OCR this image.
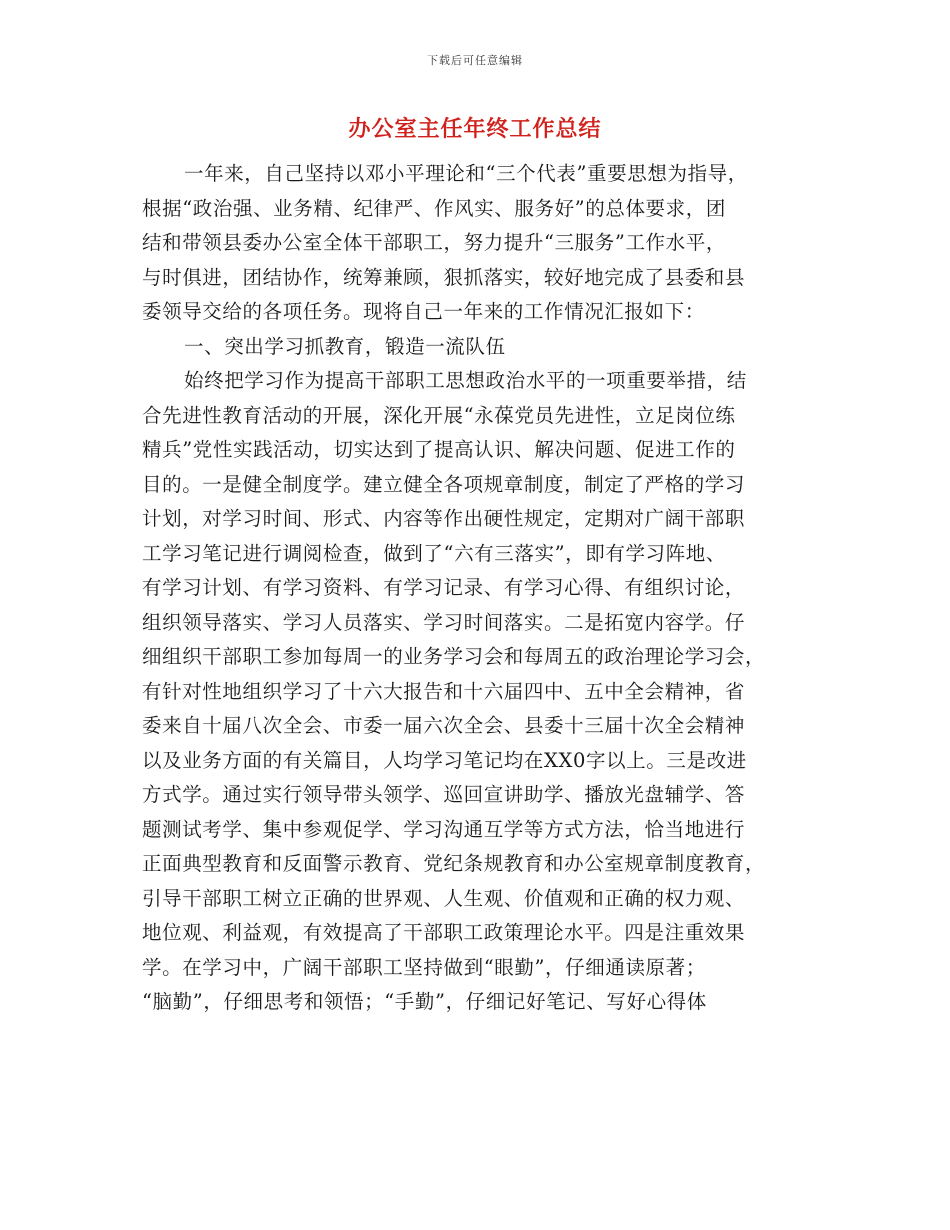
下载后可任意编辑
办公室主任年终工作总结
一年来，自己坚持以邓小平理论和“三个代表”重要思想为指导，
根据“政治强、业务精、纪律严、作风实、服务好”的总体要求，团
结和带领县委办公室全体干部职工，努力提升“三服务”工作水平，
与时俱进，团结协作，统筹兼顾，狠抓落实，较好地完成了县委和县
委领导交给的各项任务。现将自己一年来的工作情况汇报如下：
一、突出学习抓教育，锻造一流队伍
始终把学习作为提高干部职工思想政治水平的一项重要举措，结
合先进性教育活动的开展，深化开展“永葆党员先进性，立足岗位练
精兵”党性实践活动，切实达到了提高认识、解决问题、促进工作的
目的。一是健全制度学。建立健全各项规章制度，制定了严格的学习
计划，对学习时间、形式、内容等作出硬性规定，定期对广阔干部职
工学习笔记进行调阅检查，做到了“六有三落实”，即有学习阵地、
有学习计划、有学习资料、有学习记录、有学习心得、有组织讨论，
组织领导落实、学习人员落实、学习时间落实。二是拓宽内容学。仔
细组织干部职工参加每周一的业务学习会和每周五的政治理论学习会，
有针对性地组织学习了十六大报告和十六届四中、五中全会精神，省
委来自十届八次全会、市委一届六次全会、县委十三届十次全会精神
以及业务方面的有关篇目，人均学习笔记均在XX0字以上。三是改进
方式学。通过实行领导带头领学、巡回宣讲助学、播放光盘辅学、答
题测试考学、集中参观促学、学习沟通互学等方式方法，恰当地进行
正面典型教育和反面警示教育、党纪条规教育和办公室规章制度教育，
引导干部职工树立正确的世界观、人生观、价值观和正确的权力观、
地位观、利益观，有效提高了干部职工政策理论水平。四是注重效果
学。在学习中，广阔干部职工坚持做到“眼勤”，仔细通读原著；
“脑勤”，仔细思考和领悟；“手勤”，仔细记好笔记、写好心得体
